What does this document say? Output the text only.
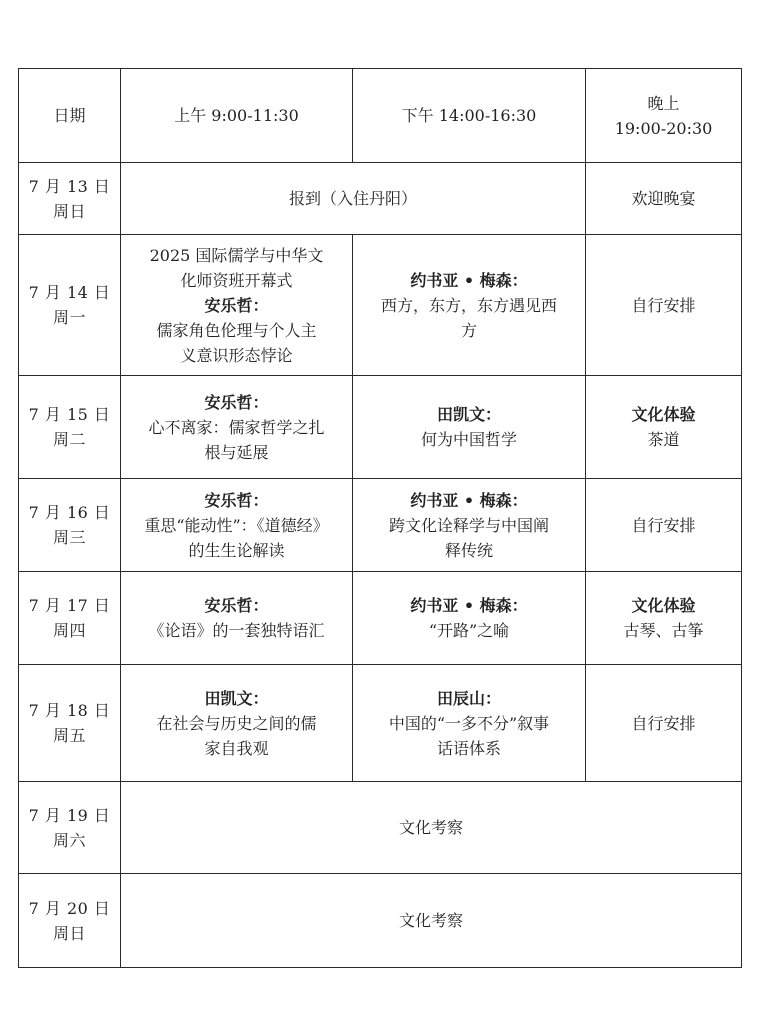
日期	上午 9:00-11:30	下午 14:00-16:30	晚上
19:00-20:30

7 月 13 日
周日	报到（入住丹阳）		欢迎晚宴

7 月 14 日
周一	2025 国际儒学与中华文
化师资班开幕式
安乐哲：
儒家角色伦理与个人主
义意识形态悖论	约书亚 • 梅森：
西方，东方，东方遇见西
方	自行安排

7 月 15 日
周二	安乐哲：
心不离家：儒家哲学之扎
根与延展	田凯文：
何为中国哲学	文化体验
茶道

7 月 16 日
周三	安乐哲：
重思“能动性”：《道德经》
的生生论解读	约书亚 • 梅森：
跨文化诠释学与中国阐
释传统	自行安排

7 月 17 日
周四	安乐哲：
《论语》的一套独特语汇	约书亚 • 梅森：
“开路”之喻	文化体验
古琴、古筝

7 月 18 日
周五	田凯文：
在社会与历史之间的儒
家自我观	田辰山：
中国的“一多不分”叙事
话语体系	自行安排

7 月 19 日
周六	文化考察		

7 月 20 日
周日	文化考察		
